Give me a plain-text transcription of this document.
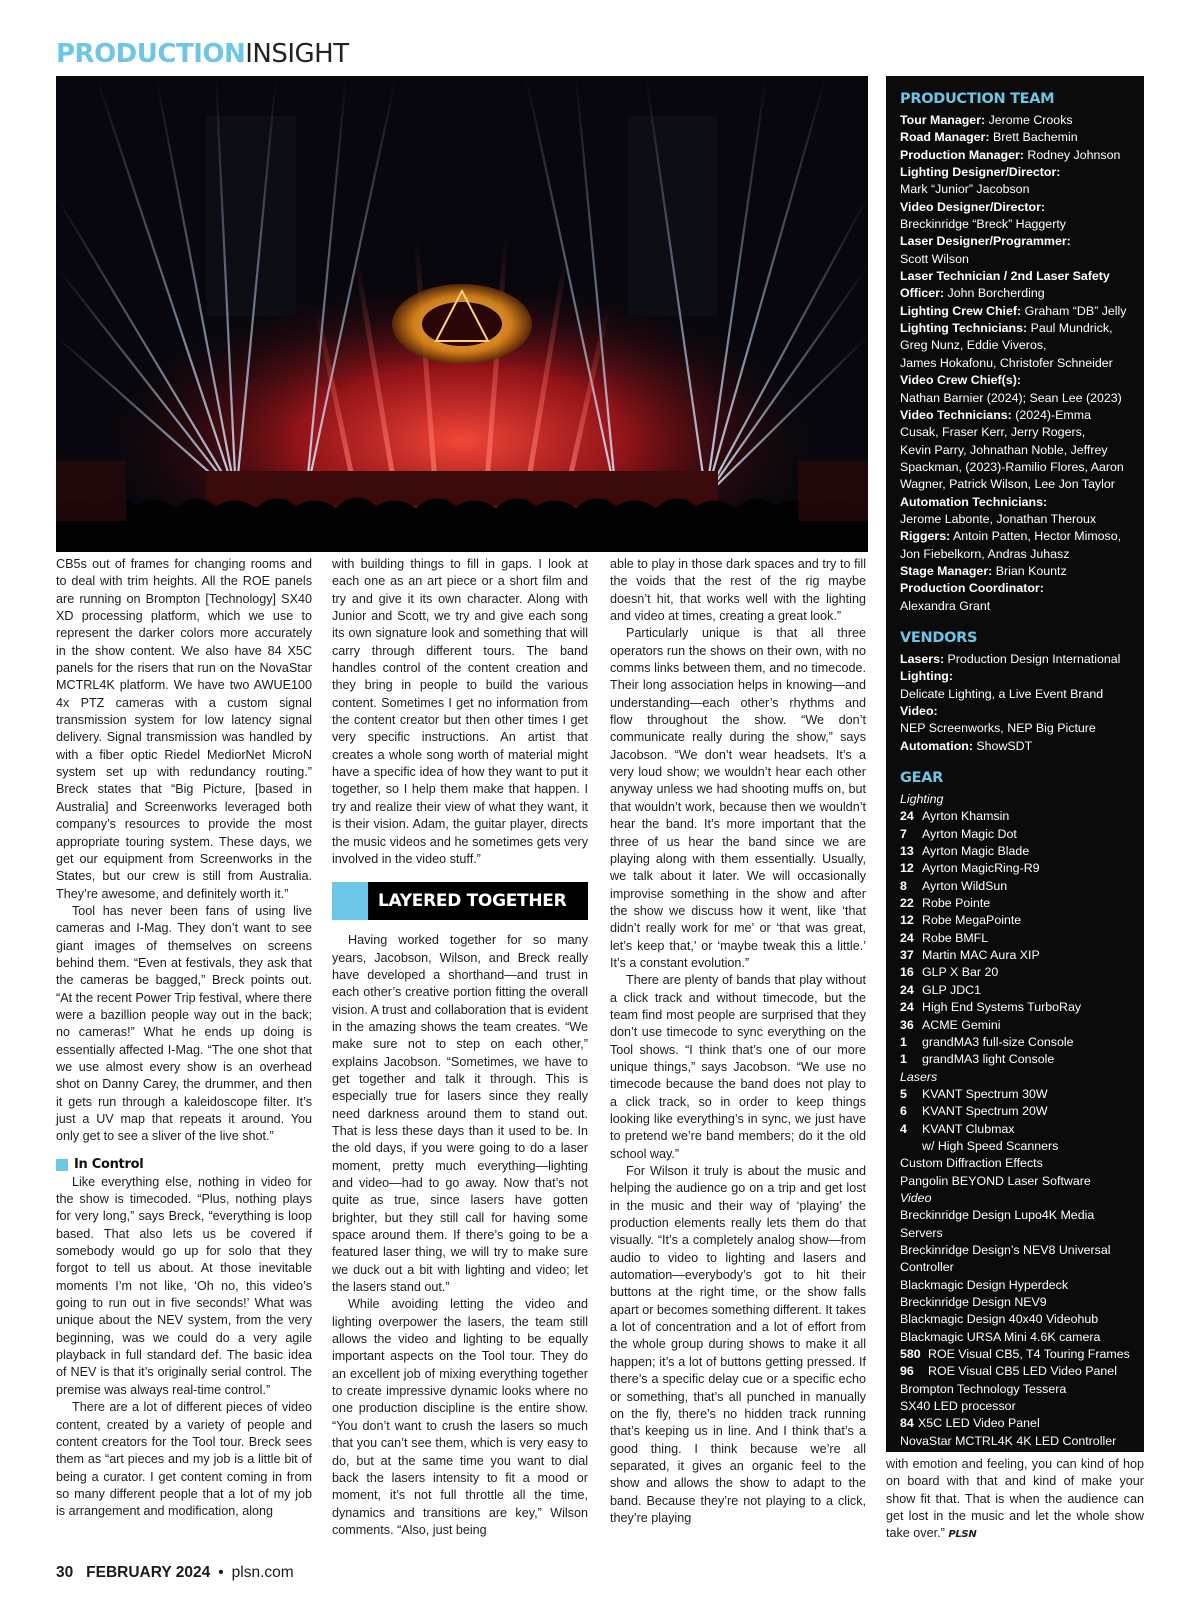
PRODUCTIONINSIGHT

CB5s out of frames for changing rooms and to deal with trim heights. All the ROE panels are running on Brompton [Technology] SX40 XD processing platform, which we use to represent the darker colors more accurately in the show content. We also have 84 X5C panels for the risers that run on the NovaStar MCTRL4K platform. We have two AWUE100 4x PTZ cameras with a custom signal transmission system for low latency signal delivery. Signal transmission was handled by with a fiber optic Riedel MediorNet MicroN system set up with redundancy routing.” Breck states that “Big Picture, [based in Australia] and Screenworks leveraged both company’s resources to provide the most appropriate touring system. These days, we get our equipment from Screenworks in the States, but our crew is still from Australia. They’re awesome, and definitely worth it.”

Tool has never been fans of using live cameras and I-Mag. They don’t want to see giant images of themselves on screens behind them. “Even at festivals, they ask that the cameras be bagged,” Breck points out. “At the recent Power Trip festival, where there were a bazillion people way out in the back; no cameras!” What he ends up doing is essentially affected I-Mag. “The one shot that we use almost every show is an overhead shot on Danny Carey, the drummer, and then it gets run through a kaleidoscope filter. It’s just a UV map that repeats it around. You only get to see a sliver of the live shot.”

In Control

Like everything else, nothing in video for the show is timecoded. “Plus, nothing plays for very long,” says Breck, “everything is loop based. That also lets us be covered if somebody would go up for solo that they forgot to tell us about. At those inevitable moments I’m not like, ‘Oh no, this video’s going to run out in five seconds!’ What was unique about the NEV system, from the very beginning, was we could do a very agile playback in full standard def. The basic idea of NEV is that it’s originally serial control. The premise was always real-time control.”

There are a lot of different pieces of video content, created by a variety of people and content creators for the Tool tour. Breck sees them as “art pieces and my job is a little bit of being a curator. I get content coming in from so many different people that a lot of my job is arrangement and modification, along

with building things to fill in gaps. I look at each one as an art piece or a short film and try and give it its own character. Along with Junior and Scott, we try and give each song its own signature look and something that will carry through different tours. The band handles control of the content creation and they bring in people to build the various content. Sometimes I get no information from the content creator but then other times I get very specific instructions. An artist that creates a whole song worth of material might have a specific idea of how they want to put it together, so I help them make that happen. I try and realize their view of what they want, it is their vision. Adam, the guitar player, directs the music videos and he sometimes gets very involved in the video stuff.”

LAYERED TOGETHER

Having worked together for so many years, Jacobson, Wilson, and Breck really have developed a shorthand—and trust in each other’s creative portion fitting the overall vision. A trust and collaboration that is evident in the amazing shows the team creates. “We make sure not to step on each other,” explains Jacobson. “Sometimes, we have to get together and talk it through. This is especially true for lasers since they really need darkness around them to stand out. That is less these days than it used to be. In the old days, if you were going to do a laser moment, pretty much everything—lighting and video—had to go away. Now that’s not quite as true, since lasers have gotten brighter, but they still call for having some space around them. If there’s going to be a featured laser thing, we will try to make sure we duck out a bit with lighting and video; let the lasers stand out.”

While avoiding letting the video and lighting overpower the lasers, the team still allows the video and lighting to be equally important aspects on the Tool tour. They do an excellent job of mixing everything together to create impressive dynamic looks where no one production discipline is the entire show. “You don’t want to crush the lasers so much that you can’t see them, which is very easy to do, but at the same time you want to dial back the lasers intensity to fit a mood or moment, it’s not full throttle all the time, dynamics and transitions are key,” Wilson comments. “Also, just being

able to play in those dark spaces and try to fill the voids that the rest of the rig maybe doesn’t hit, that works well with the lighting and video at times, creating a great look.”

Particularly unique is that all three operators run the shows on their own, with no comms links between them, and no timecode. Their long association helps in knowing—and understanding—each other’s rhythms and flow throughout the show. “We don’t communicate really during the show,” says Jacobson. “We don’t wear headsets. It’s a very loud show; we wouldn’t hear each other anyway unless we had shooting muffs on, but that wouldn’t work, because then we wouldn’t hear the band. It’s more important that the three of us hear the band since we are playing along with them essentially. Usually, we talk about it later. We will occasionally improvise something in the show and after the show we discuss how it went, like ‘that didn’t really work for me’ or ‘that was great, let’s keep that,’ or ‘maybe tweak this a little.’ It’s a constant evolution.”

There are plenty of bands that play without a click track and without timecode, but the team find most people are surprised that they don’t use timecode to sync everything on the Tool shows. “I think that’s one of our more unique things,” says Jacobson. “We use no timecode because the band does not play to a click track, so in order to keep things looking like everything’s in sync, we just have to pretend we’re band members; do it the old school way.”

For Wilson it truly is about the music and helping the audience go on a trip and get lost in the music and their way of ‘playing’ the production elements really lets them do that visually. “It’s a completely analog show—from audio to video to lighting and lasers and automation—everybody’s got to hit their buttons at the right time, or the show falls apart or becomes something different. It takes a lot of concentration and a lot of effort from the whole group during shows to make it all happen; it’s a lot of buttons getting pressed. If there’s a specific delay cue or a specific echo or something, that’s all punched in manually on the fly, there’s no hidden track running that’s keeping us in line. And I think that’s a good thing. I think because we’re all separated, it gives an organic feel to the show and allows the show to adapt to the band. Because they’re not playing to a click, they’re playing

PRODUCTION TEAM
Tour Manager: Jerome Crooks
Road Manager: Brett Bachemin
Production Manager: Rodney Johnson
Lighting Designer/Director:
Mark “Junior” Jacobson
Video Designer/Director:
Breckinridge “Breck” Haggerty
Laser Designer/Programmer:
Scott Wilson
Laser Technician / 2nd Laser Safety
Officer: John Borcherding
Lighting Crew Chief: Graham “DB” Jelly
Lighting Technicians: Paul Mundrick,
Greg Nunz, Eddie Viveros,
James Hokafonu, Christofer Schneider
Video Crew Chief(s):
Nathan Barnier (2024); Sean Lee (2023)
Video Technicians: (2024)-Emma
Cusak, Fraser Kerr, Jerry Rogers,
Kevin Parry, Johnathan Noble, Jeffrey
Spackman, (2023)-Ramilio Flores, Aaron
Wagner, Patrick Wilson, Lee Jon Taylor
Automation Technicians:
Jerome Labonte, Jonathan Theroux
Riggers: Antoin Patten, Hector Mimoso,
Jon Fiebelkorn, Andras Juhasz
Stage Manager: Brian Kountz
Production Coordinator:
Alexandra Grant
VENDORS
Lasers: Production Design International
Lighting:
Delicate Lighting, a Live Event Brand
Video:
NEP Screenworks, NEP Big Picture
Automation: ShowSDT
GEAR
Lighting
24 Ayrton Khamsin
7	Ayrton Magic Dot
13 Ayrton Magic Blade
12 Ayrton MagicRing-R9
8	Ayrton WildSun
22 Robe Pointe
12 Robe MegaPointe
24 Robe BMFL
37 Martin MAC Aura XIP
16 GLP X Bar 20
24 GLP JDC1
24 High End Systems TurboRay
36 ACME Gemini
1	grandMA3 full-size Console
1	grandMA3 light Console
Lasers
5	KVANT Spectrum 30W
6	KVANT Spectrum 20W
4	KVANT Clubmax
w/ High Speed Scanners
Custom Diffraction Effects
Pangolin BEYOND Laser Software
Video
Breckinridge Design Lupo4K Media
Servers
Breckinridge Design’s NEV8 Universal
Controller
Blackmagic Design Hyperdeck
Breckinridge Design NEV9
Blackmagic Design 40x40 Videohub
Blackmagic URSA Mini 4.6K camera
580 ROE Visual CB5, T4 Touring Frames
96	ROE Visual CB5 LED Video Panel
Brompton Technology Tessera
SX40 LED processor
84 X5C LED Video Panel
NovaStar MCTRL4K 4K LED Controller
with emotion and feeling, you can kind of hop on board with that and kind of make your show fit that. That is when the audience can get lost in the music and let the whole show take over.” PLSN
30 FEBRUARY 2024 • plsn.com
